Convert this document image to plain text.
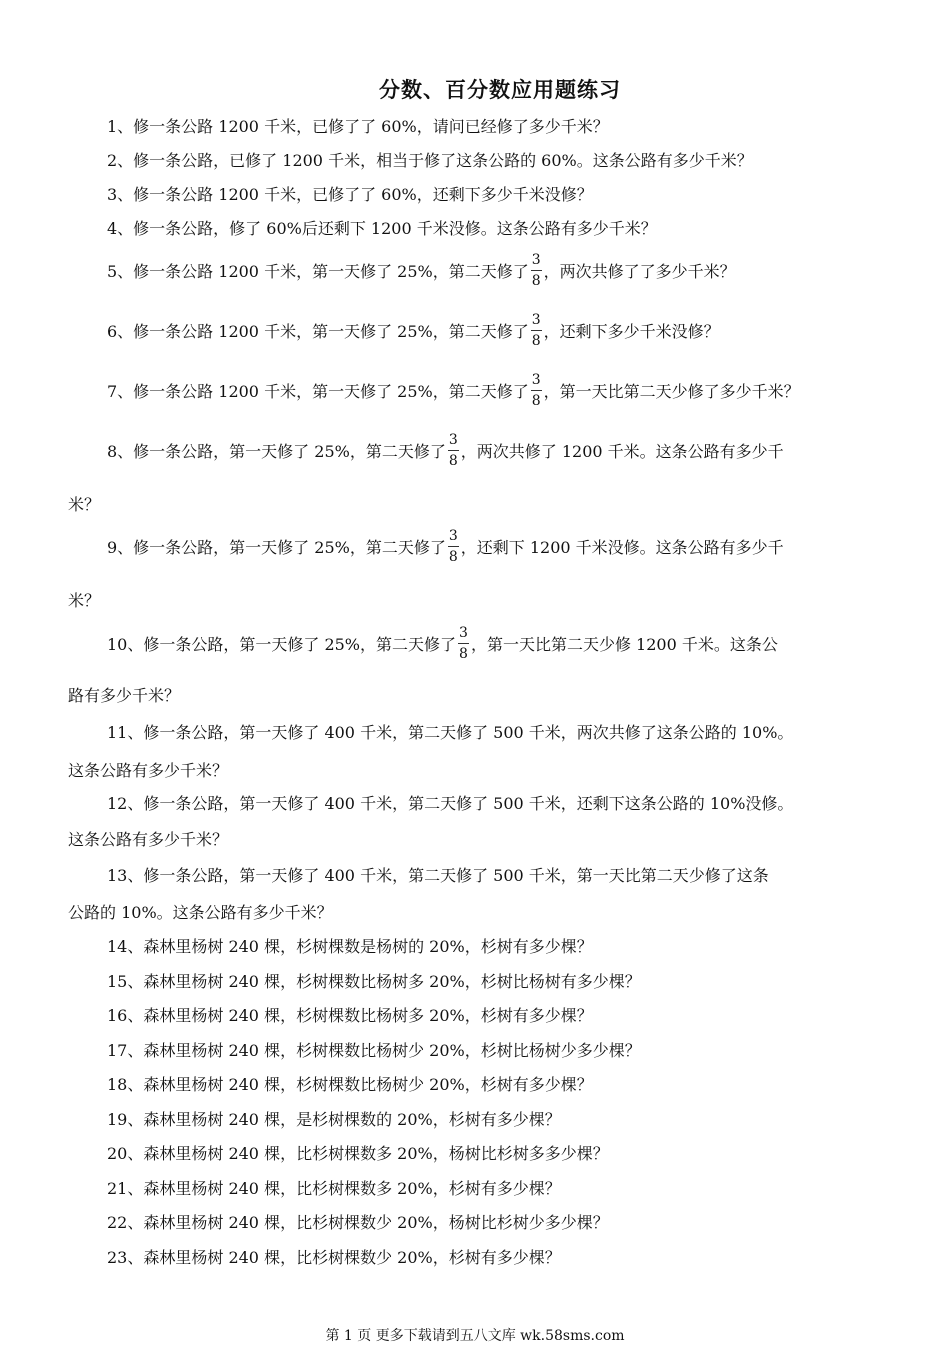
分数、百分数应用题练习
1、修一条公路 1200 千米，已修了了 60%，请问已经修了多少千米？
2、修一条公路，已修了 1200 千米，相当于修了这条公路的 60%。这条公路有多少千米？
3、修一条公路 1200 千米，已修了了 60%，还剩下多少千米没修？
4、修一条公路，修了 60%后还剩下 1200 千米没修。这条公路有多少千米？
5、修一条公路 1200 千米，第一天修了 25%，第二天修了 $\frac{3}{8}$ ，两次共修了了多少千米？
6、修一条公路 1200 千米，第一天修了 25%，第二天修了 $\frac{3}{8}$ ，还剩下多少千米没修？
7、修一条公路 1200 千米，第一天修了 25%，第二天修了 $\frac{3}{8}$ ，第一天比第二天少修了多少千米？
8、修一条公路，第一天修了 25%，第二天修了 $\frac{3}{8}$ ，两次共修了 1200 千米。这条公路有多少千
米？
9、修一条公路，第一天修了 25%，第二天修了 $\frac{3}{8}$ ，还剩下 1200 千米没修。这条公路有多少千
米？
10、修一条公路，第一天修了 25%，第二天修了 $\frac{3}{8}$ ，第一天比第二天少修 1200 千米。这条公
路有多少千米？
11、修一条公路，第一天修了 400 千米，第二天修了 500 千米，两次共修了这条公路的 10%。
这条公路有多少千米？
12、修一条公路，第一天修了 400 千米，第二天修了 500 千米，还剩下这条公路的 10%没修。
这条公路有多少千米？
13、修一条公路，第一天修了 400 千米，第二天修了 500 千米，第一天比第二天少修了这条
公路的 10%。这条公路有多少千米？
14、森林里杨树 240 棵，杉树棵数是杨树的 20%，杉树有多少棵？
15、森林里杨树 240 棵，杉树棵数比杨树多 20%，杉树比杨树有多少棵？
16、森林里杨树 240 棵，杉树棵数比杨树多 20%，杉树有多少棵？
17、森林里杨树 240 棵，杉树棵数比杨树少 20%，杉树比杨树少多少棵？
18、森林里杨树 240 棵，杉树棵数比杨树少 20%，杉树有多少棵？
19、森林里杨树 240 棵，是杉树棵数的 20%，杉树有多少棵？
20、森林里杨树 240 棵，比杉树棵数多 20%，杨树比杉树多多少棵？
21、森林里杨树 240 棵，比杉树棵数多 20%，杉树有多少棵？
22、森林里杨树 240 棵，比杉树棵数少 20%，杨树比杉树少多少棵？
23、森林里杨树 240 棵，比杉树棵数少 20%，杉树有多少棵？
第 1 页 更多下载请到五八文库 wk.58sms.com
